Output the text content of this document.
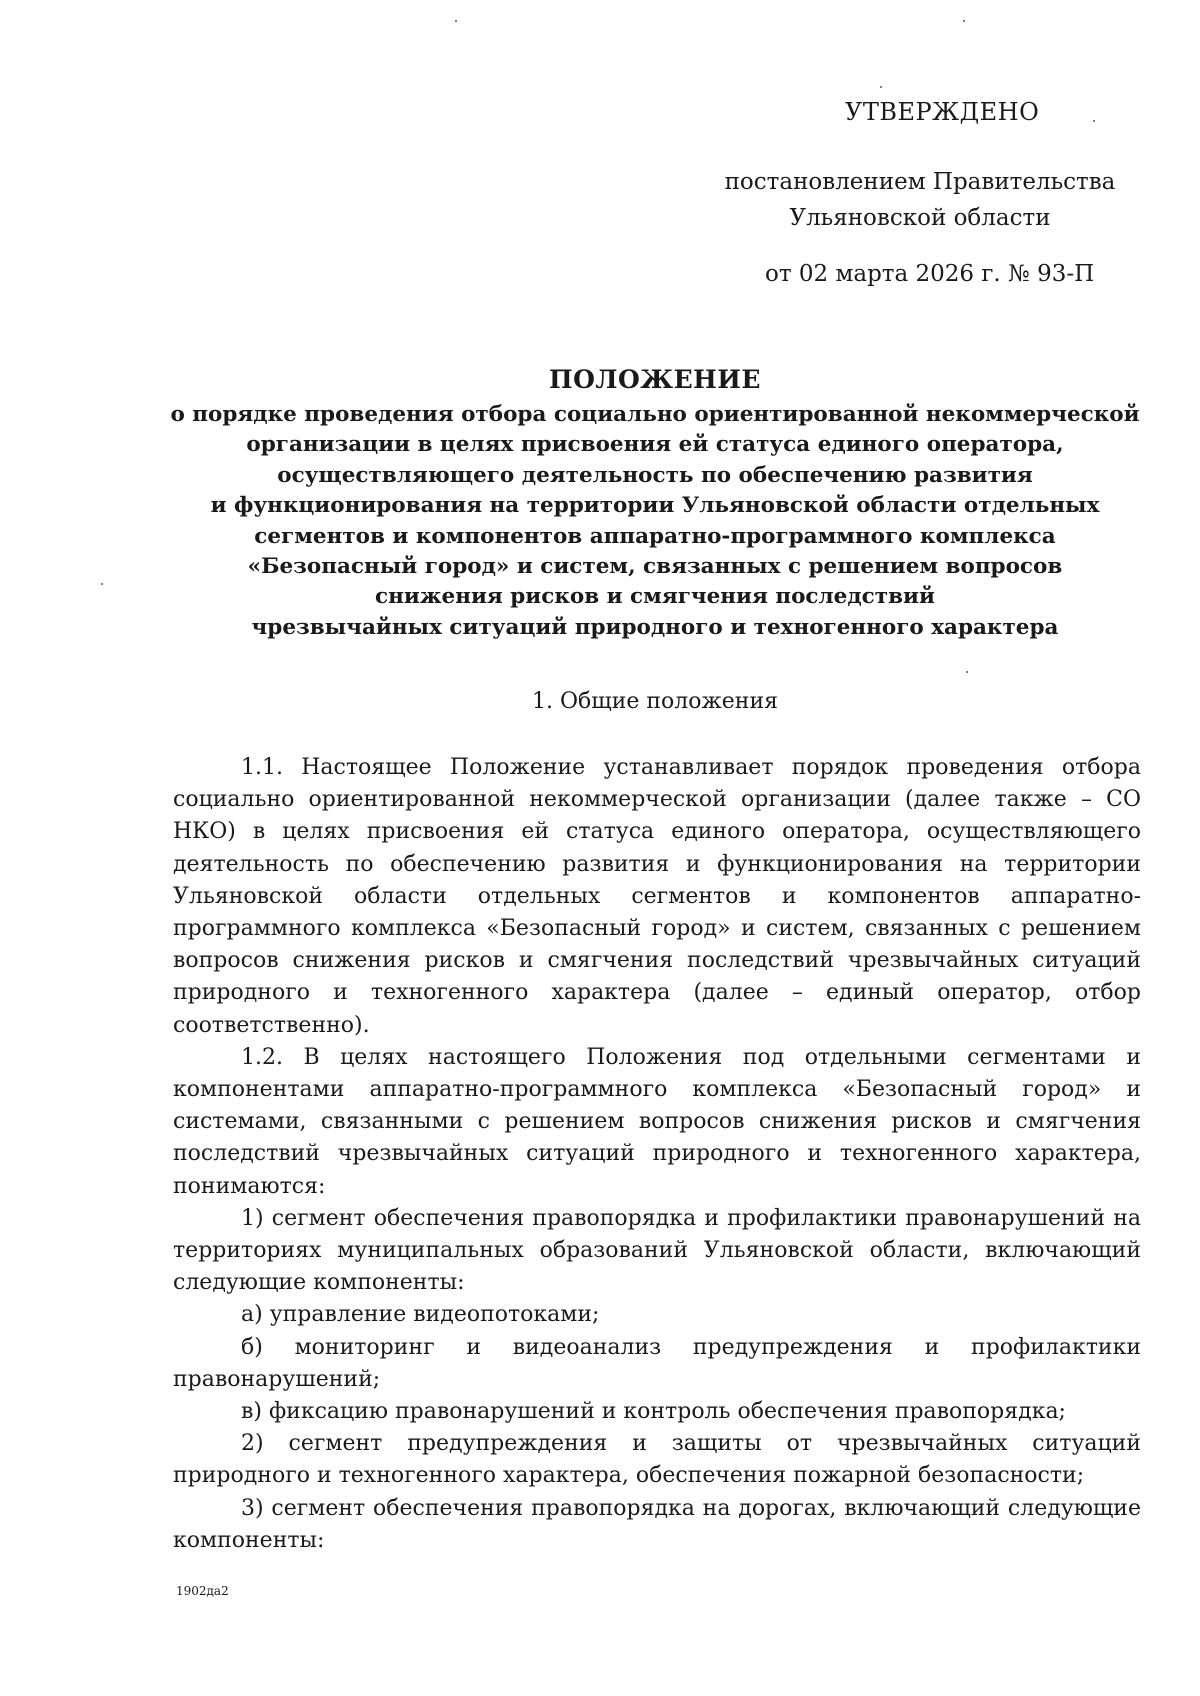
УТВЕРЖДЕНО
постановлением Правительства
Ульяновской области
от 02 марта 2026 г. № 93-П
ПОЛОЖЕНИЕ
о порядке проведения отбора социально ориентированной некоммерческой
организации в целях присвоения ей статуса единого оператора,
осуществляющего деятельность по обеспечению развития
и функционирования на территории Ульяновской области отдельных
сегментов и компонентов аппаратно-программного комплекса
«Безопасный город» и систем, связанных с решением вопросов
снижения рисков и смягчения последствий
чрезвычайных ситуаций природного и техногенного характера
1. Общие положения

1.1. Настоящее Положение устанавливает порядок проведения отбора социально ориентированной некоммерческой организации (далее также – СО НКО) в целях присвоения ей статуса единого оператора, осуществляющего деятельность по обеспечению развития и функционирования на территории Ульяновской области отдельных сегментов и компонентов аппаратно-программного комплекса «Безопасный город» и систем, связанных с решением вопросов снижения рисков и смягчения последствий чрезвычайных ситуаций природного и техногенного характера (далее – единый оператор, отбор соответственно).

1.2. В целях настоящего Положения под отдельными сегментами и компонентами аппаратно-программного комплекса «Безопасный город» и системами, связанными с решением вопросов снижения рисков и смягчения последствий чрезвычайных ситуаций природного и техногенного характера, понимаются:

1) сегмент обеспечения правопорядка и профилактики правонарушений на территориях муниципальных образований Ульяновской области, включающий следующие компоненты:

а) управление видеопотоками;

б) мониторинг и видеоанализ предупреждения и профилактики правонарушений;

в) фиксацию правонарушений и контроль обеспечения правопорядка;

2) сегмент предупреждения и защиты от чрезвычайных ситуаций природного и техногенного характера, обеспечения пожарной безопасности;

3) сегмент обеспечения правопорядка на дорогах, включающий следующие компоненты:

1902да2
